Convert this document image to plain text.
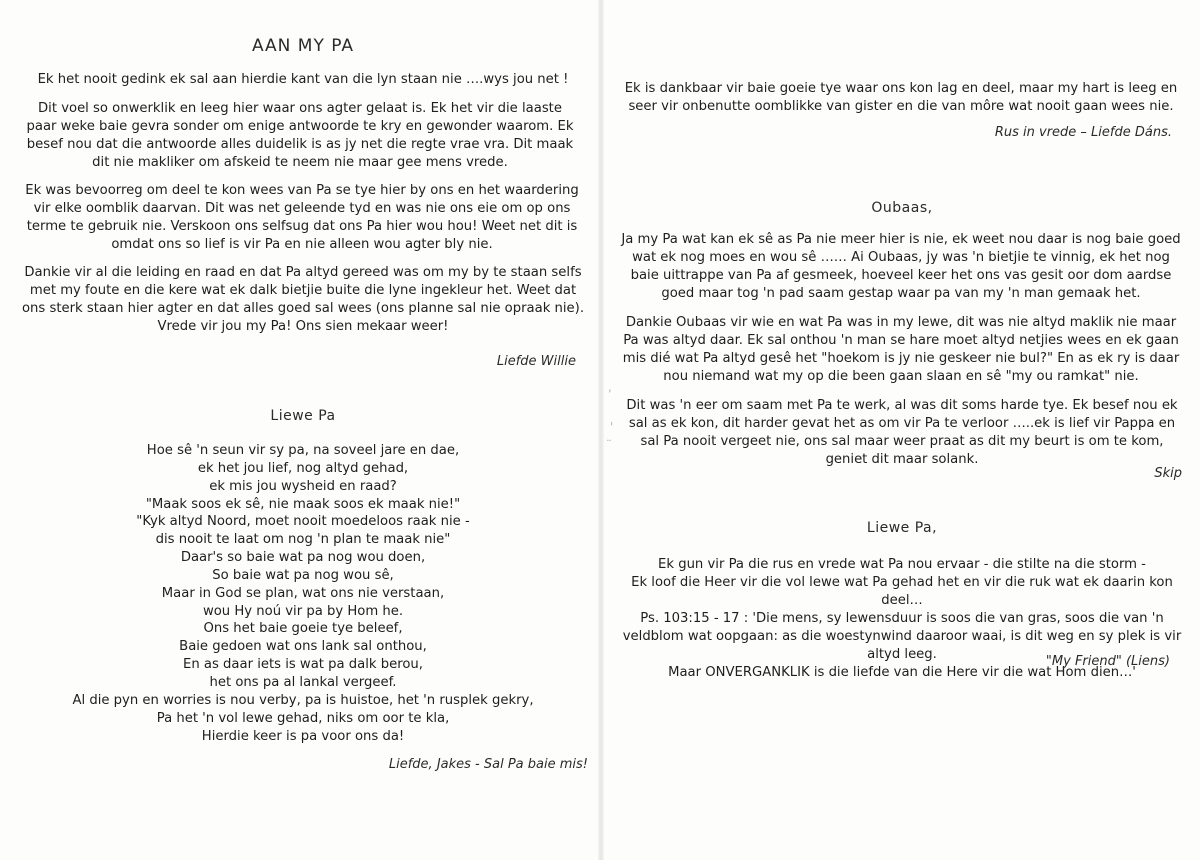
AAN MY PA

Ek het nooit gedink ek sal aan hierdie kant van die lyn staan nie ….wys jou net !

Dit voel so onwerklik en leeg hier waar ons agter gelaat is. Ek het vir die laaste paar weke baie gevra sonder om enige antwoorde te kry en gewonder waarom. Ek besef nou dat die antwoorde alles duidelik is as jy net die regte vrae vra. Dit maak dit nie makliker om afskeid te neem nie maar gee mens vrede.

Ek was bevoorreg om deel te kon wees van Pa se tye hier by ons en het waardering vir elke oomblik daarvan. Dit was net geleende tyd en was nie ons eie om op ons terme te gebruik nie. Verskoon ons selfsug dat ons Pa hier wou hou! Weet net dit is omdat ons so lief is vir Pa en nie alleen wou agter bly nie.

Dankie vir al die leiding en raad en dat Pa altyd gereed was om my by te staan selfs met my foute en die kere wat ek dalk bietjie buite die lyne ingekleur het. Weet dat ons sterk staan hier agter en dat alles goed sal wees (ons planne sal nie opraak nie). Vrede vir jou my Pa! Ons sien mekaar weer!

Liefde Willie
Liewe Pa
Hoe sê 'n seun vir sy pa, na soveel jare en dae,
ek het jou lief, nog altyd gehad,
ek mis jou wysheid en raad?
"Maak soos ek sê, nie maak soos ek maak nie!"
"Kyk altyd Noord, moet nooit moedeloos raak nie -
dis nooit te laat om nog 'n plan te maak nie"
Daar's so baie wat pa nog wou doen,
So baie wat pa nog wou sê,
Maar in God se plan, wat ons nie verstaan,
wou Hy noú vir pa by Hom he.
Ons het baie goeie tye beleef,
Baie gedoen wat ons lank sal onthou,
En as daar iets is wat pa dalk berou,
het ons pa al lankal vergeef.
Al die pyn en worries is nou verby, pa is huistoe, het 'n rusplek gekry,
Pa het 'n vol lewe gehad, niks om oor te kla,
Hierdie keer is pa voor ons da!
Liefde, Jakes - Sal Pa baie mis!

Ek is dankbaar vir baie goeie tye waar ons kon lag en deel, maar my hart is leeg en seer vir onbenutte oomblikke van gister en die van môre wat nooit gaan wees nie.

Rus in vrede – Liefde Dáns.
Oubaas,

Ja my Pa wat kan ek sê as Pa nie meer hier is nie, ek weet nou daar is nog baie goed wat ek nog moes en wou sê …… Ai Oubaas, jy was 'n bietjie te vinnig, ek het nog baie uittrappe van Pa af gesmeek, hoeveel keer het ons vas gesit oor dom aardse goed maar tog 'n pad saam gestap waar pa van my 'n man gemaak het.

Dankie Oubaas vir wie en wat Pa was in my lewe, dit was nie altyd maklik nie maar Pa was altyd daar. Ek sal onthou 'n man se hare moet altyd netjies wees en ek gaan mis dié wat Pa altyd gesê het "hoekom is jy nie geskeer nie bul?" En as ek ry is daar nou niemand wat my op die been gaan slaan en sê "my ou ramkat" nie.

Dit was 'n eer om saam met Pa te werk, al was dit soms harde tye. Ek besef nou ek sal as ek kon, dit harder gevat het as om vir Pa te verloor …..ek is lief vir Pappa en sal Pa nooit vergeet nie, ons sal maar weer praat as dit my beurt is om te kom, geniet dit maar solank.

Skip
Liewe Pa,
Ek gun vir Pa die rus en vrede wat Pa nou ervaar - die stilte na die storm -
Ek loof die Heer vir die vol lewe wat Pa gehad het en vir die ruk wat ek daarin kon deel…
Ps. 103:15 - 17 : 'Die mens, sy lewensduur is soos die van gras, soos die van 'n veldblom wat oopgaan: as die woestynwind daaroor waai, is dit weg en sy plek is vir altyd leeg.
Maar ONVERGANKLIK is die liefde van die Here vir die wat Hom dien…'
"My Friend" (Liens)
,
'
¨
